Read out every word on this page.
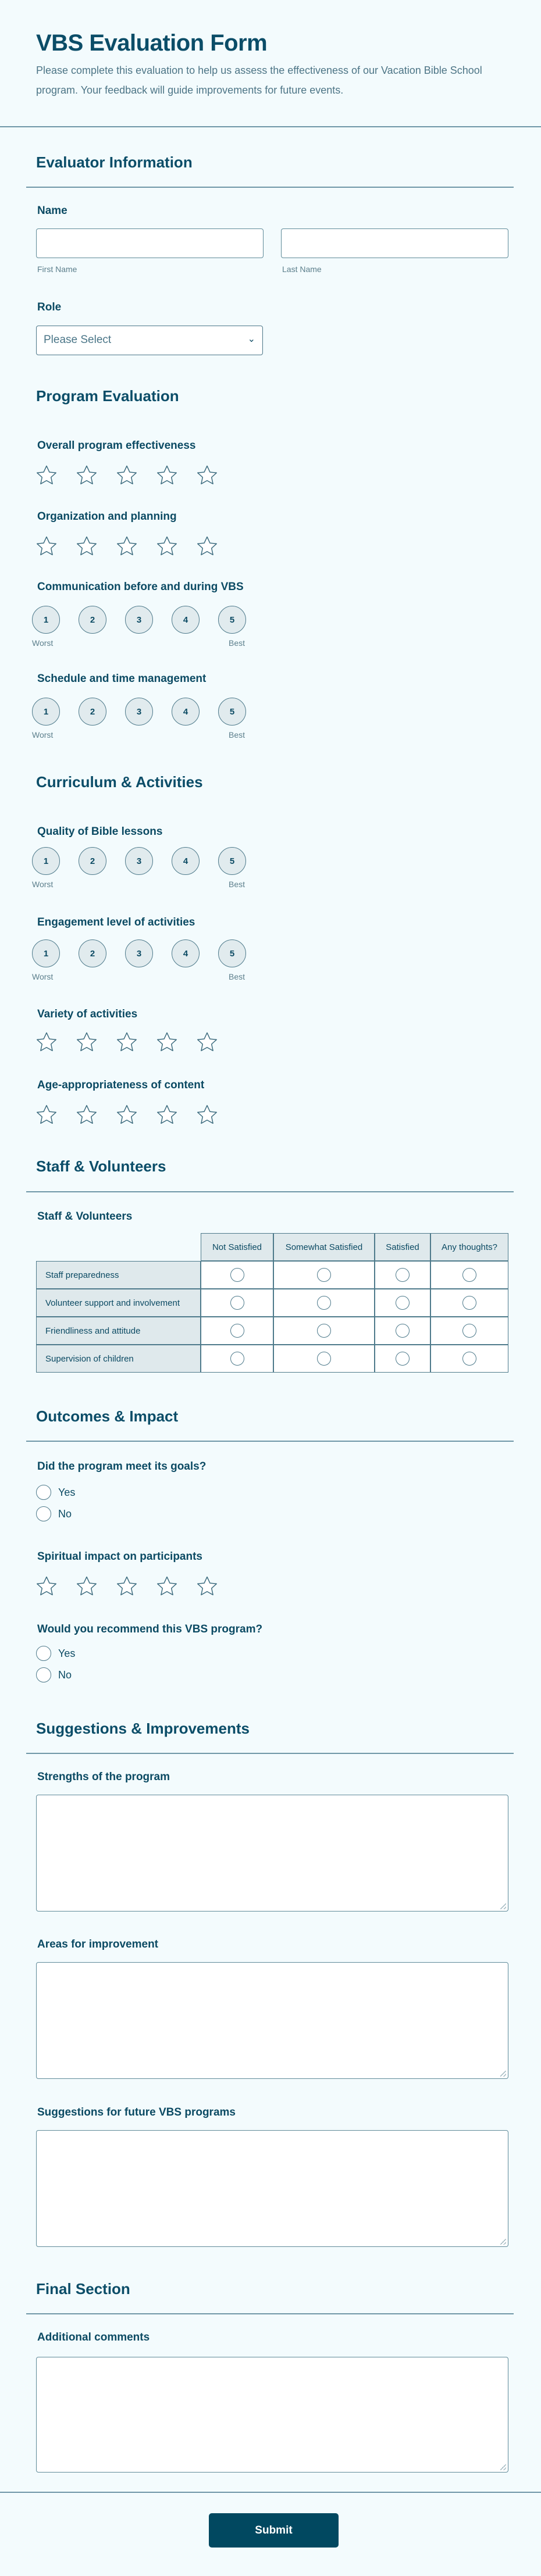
VBS Evaluation Form

Please complete this evaluation to help us assess the effectiveness of our Vacation Bible School program. Your feedback will guide improvements for future events.

Evaluator Information
Name
First Name	Last Name
Role
Please Select	⌄
Program Evaluation
Overall program effectiveness
Organization and planning
Communication before and during VBS
1	2	3	4	5
Worst	Best
Schedule and time management
1	2	3	4	5
Worst	Best
Curriculum & Activities
Quality of Bible lessons
1	2	3	4	5
Worst	Best
Engagement level of activities
1	2	3	4	5
Worst	Best
Variety of activities
Age-appropriateness of content
Staff & Volunteers
Staff & Volunteers
	Not Satisfied	Somewhat Satisfied	Satisfied	Any thoughts?
Staff preparedness				
Volunteer support and involvement				
Friendliness and attitude				
Supervision of children				
Outcomes & Impact
Did the program meet its goals?
Yes
No
Spiritual impact on participants
Would you recommend this VBS program?
Yes
No
Suggestions & Improvements
Strengths of the program
Areas for improvement
Suggestions for future VBS programs
Final Section
Additional comments
Submit
